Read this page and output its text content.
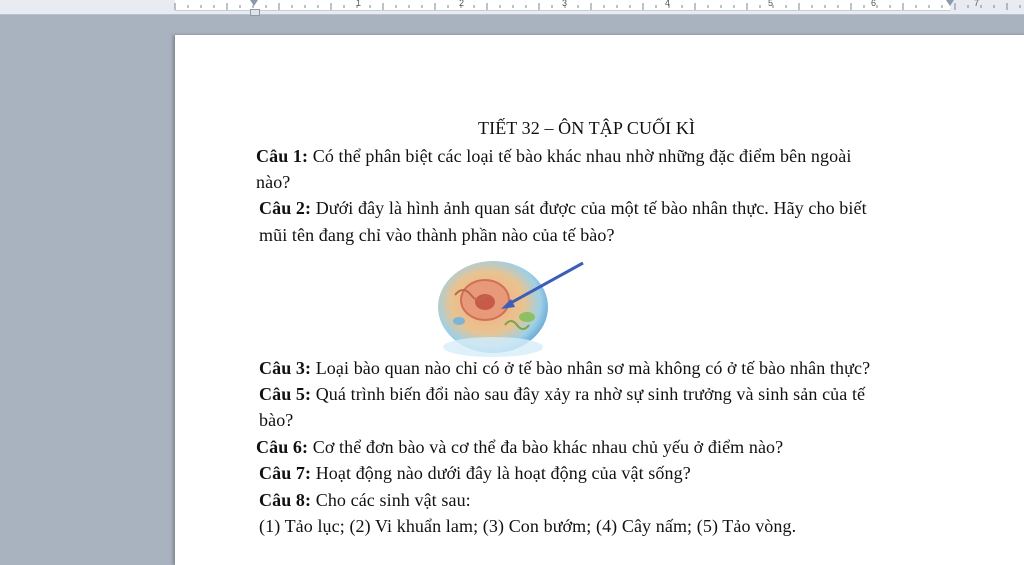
1	2	3	4	5	6	7
TIẾT 32 – ÔN TẬP CUỐI KÌ
Câu 1: Có thể phân biệt các loại tế bào khác nhau nhờ những đặc điểm bên ngoài
nào?
Câu 2: Dưới đây là hình ảnh quan sát được của một tế bào nhân thực. Hãy cho biết
mũi tên đang chỉ vào thành phần nào của tế bào?
Câu 3: Loại bào quan nào chỉ có ở tế bào nhân sơ mà không có ở tế bào nhân thực?
Câu 5: Quá trình biến đổi nào sau đây xảy ra nhờ sự sinh trưởng và sinh sản của tế
bào?
Câu 6: Cơ thể đơn bào và cơ thể đa bào khác nhau chủ yếu ở điểm nào?
Câu 7: Hoạt động nào dưới đây là hoạt động của vật sống?
Câu 8: Cho các sinh vật sau:
(1) Tảo lục; (2) Vi khuẩn lam; (3) Con bướm; (4) Cây nấm; (5) Tảo vòng.
